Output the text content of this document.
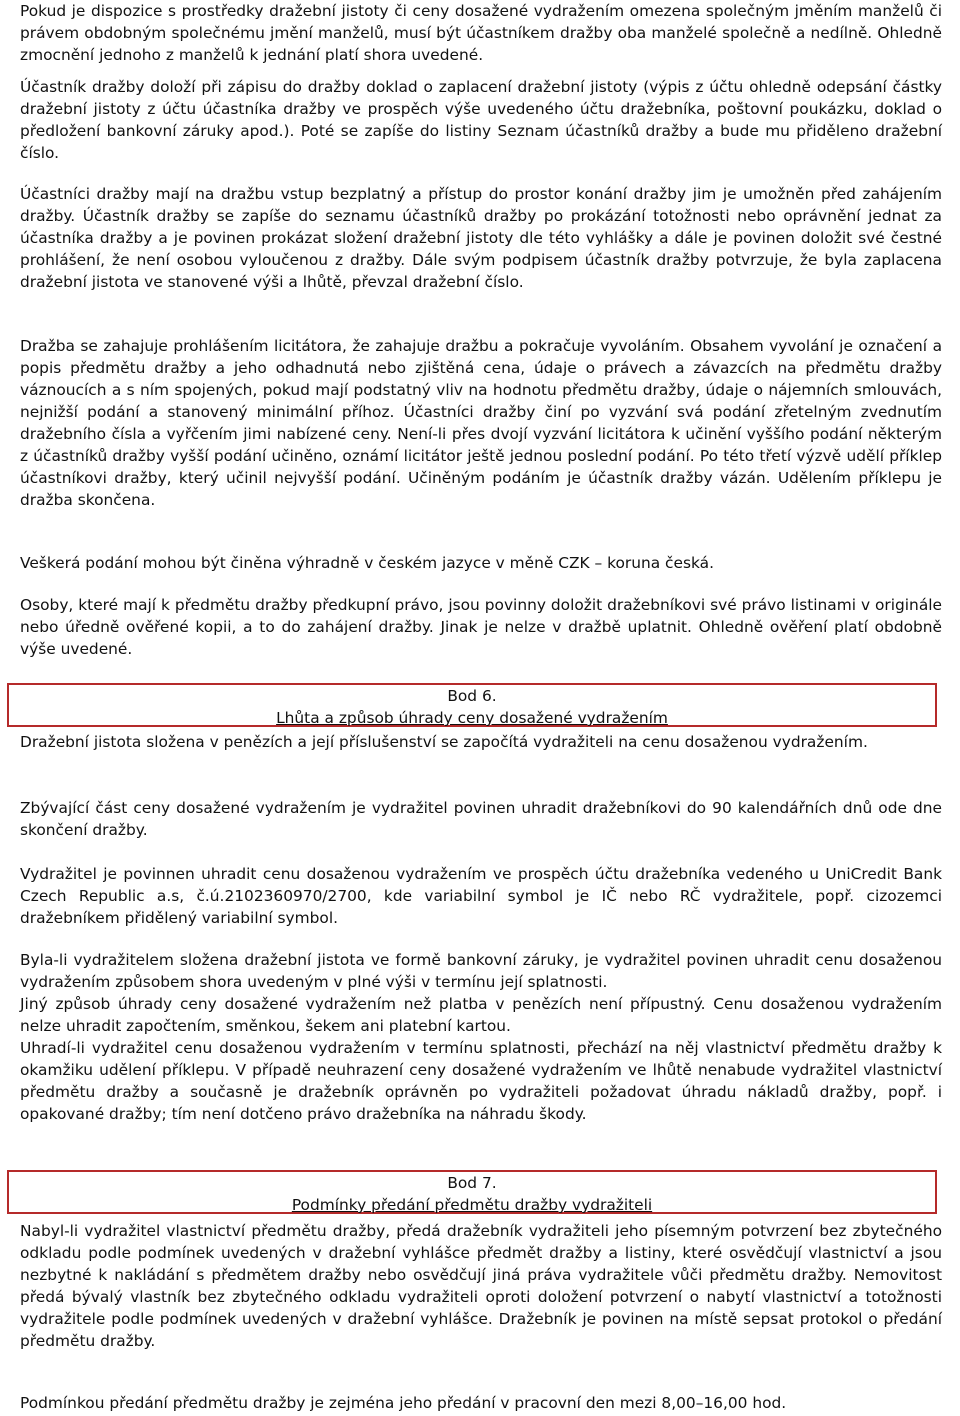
Pokud je dispozice s prostředky dražební jistoty či ceny dosažené vydražením omezena společným jměním manželů či právem obdobným společnému jmění manželů, musí být účastníkem dražby oba manželé společně a nedílně. Ohledně zmocnění jednoho z manželů k jednání platí shora uvedené.

Účastník dražby doloží při zápisu do dražby doklad o zaplacení dražební jistoty (výpis z účtu ohledně odepsání částky dražební jistoty z účtu účastníka dražby ve prospěch výše uvedeného účtu dražebníka, poštovní poukázku, doklad o předložení bankovní záruky apod.). Poté se zapíše do listiny Seznam účastníků dražby a bude mu přiděleno dražební číslo.

Účastníci dražby mají na dražbu vstup bezplatný a přístup do prostor konání dražby jim je umožněn před zahájením dražby. Účastník dražby se zapíše do seznamu účastníků dražby po prokázání totožnosti nebo oprávnění jednat za účastníka dražby a je povinen prokázat složení dražební jistoty dle této vyhlášky a dále je povinen doložit své čestné prohlášení, že není osobou vyloučenou z dražby. Dále svým podpisem účastník dražby potvrzuje, že byla zaplacena dražební jistota ve stanovené výši a lhůtě, převzal dražební číslo.

Dražba se zahajuje prohlášením licitátora, že zahajuje dražbu a pokračuje vyvoláním. Obsahem vyvolání je označení a popis předmětu dražby a jeho odhadnutá nebo zjištěná cena, údaje o právech a závazcích na předmětu dražby váznoucích a s ním spojených, pokud mají podstatný vliv na hodnotu předmětu dražby, údaje o nájemních smlouvách, nejnižší podání a stanovený minimální příhoz. Účastníci dražby činí po vyzvání svá podání zřetelným zvednutím dražebního čísla a vyřčením jimi nabízené ceny. Není-li přes dvojí vyzvání licitátora k učinění vyššího podání některým z účastníků dražby vyšší podání učiněno, oznámí licitátor ještě jednou poslední podání. Po této třetí výzvě udělí příklep účastníkovi dražby, který učinil nejvyšší podání. Učiněným podáním je účastník dražby vázán. Udělením příklepu je dražba skončena.

Veškerá podání mohou být činěna výhradně v českém jazyce v měně CZK – koruna česká.

Osoby, které mají k předmětu dražby předkupní právo, jsou povinny doložit dražebníkovi své právo listinami v originále nebo úředně ověřené kopii, a to do zahájení dražby. Jinak je nelze v dražbě uplatnit. Ohledně ověření platí obdobně výše uvedené.

Bod 6.

Lhůta a způsob úhrady ceny dosažené vydražením

Dražební jistota složena v penězích a její příslušenství se započítá vydražiteli na cenu dosaženou vydražením.

Zbývající část ceny dosažené vydražením je vydražitel povinen uhradit dražebníkovi do 90 kalendářních dnů ode dne skončení dražby.

Vydražitel je povinnen uhradit cenu dosaženou vydražením ve prospěch účtu dražebníka vedeného u UniCredit Bank Czech Republic a.s, č.ú.2102360970/2700, kde variabilní symbol je IČ nebo RČ vydražitele, popř. cizozemci dražebníkem přidělený variabilní symbol.

Byla-li vydražitelem složena dražební jistota ve formě bankovní záruky, je vydražitel povinen uhradit cenu dosaženou vydražením způsobem shora uvedeným v plné výši v termínu její splatnosti.

Jiný způsob úhrady ceny dosažené vydražením než platba v penězích není přípustný. Cenu dosaženou vydražením nelze uhradit započtením, směnkou, šekem ani platební kartou.

Uhradí-li vydražitel cenu dosaženou vydražením v termínu splatnosti, přechází na něj vlastnictví předmětu dražby k okamžiku udělení příklepu. V případě neuhrazení ceny dosažené vydražením ve lhůtě nenabude vydražitel vlastnictví předmětu dražby a současně je dražebník oprávněn po vydražiteli požadovat úhradu nákladů dražby, popř. i opakované dražby; tím není dotčeno právo dražebníka na náhradu škody.

Bod 7.

Podmínky předání předmětu dražby vydražiteli

Nabyl-li vydražitel vlastnictví předmětu dražby, předá dražebník vydražiteli jeho písemným potvrzení bez zbytečného odkladu podle podmínek uvedených v dražební vyhlášce předmět dražby a listiny, které osvědčují vlastnictví a jsou nezbytné k nakládání s předmětem dražby nebo osvědčují jiná práva vydražitele vůči předmětu dražby. Nemovitost předá bývalý vlastník bez zbytečného odkladu vydražiteli oproti doložení potvrzení o nabytí vlastnictví a totožnosti vydražitele podle podmínek uvedených v dražební vyhlášce. Dražebník je povinen na místě sepsat protokol o předání předmětu dražby.

Podmínkou předání předmětu dražby je zejména jeho předání v pracovní den mezi 8,00–16,00 hod.
